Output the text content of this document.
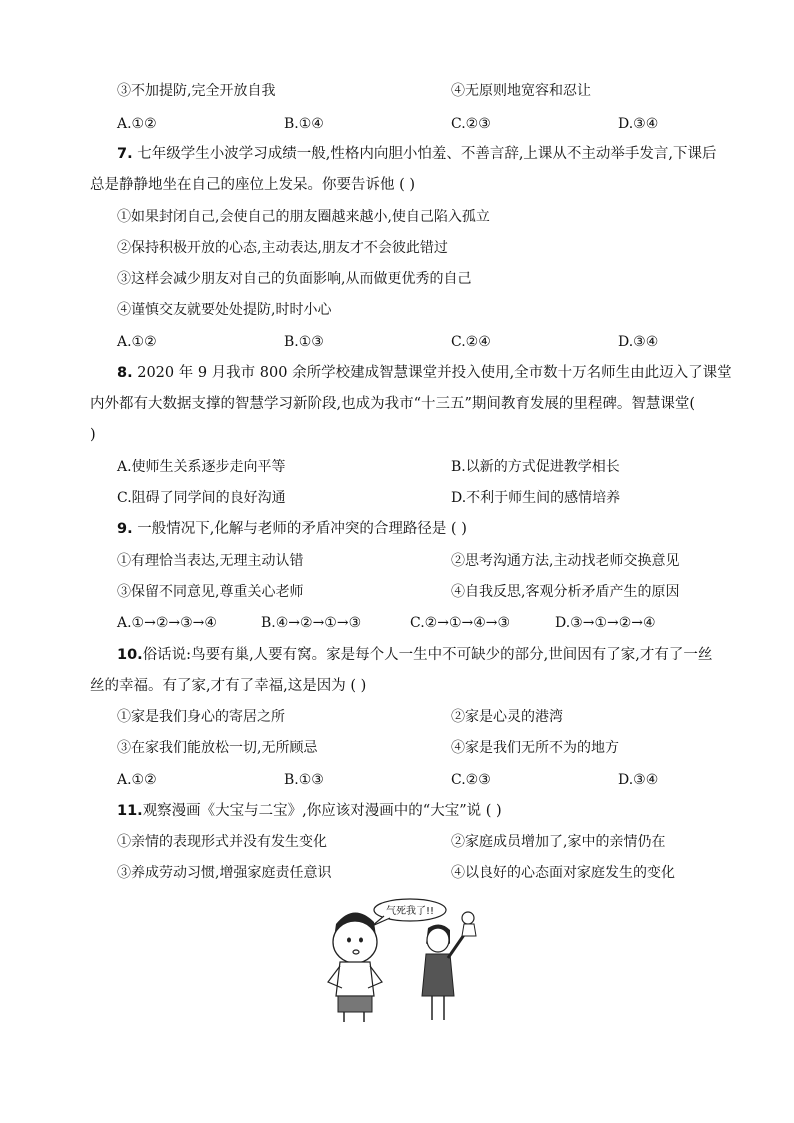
③不加提防,完全开放自我	④无原则地宽容和忍让
A.①②	B.①④	C.②③	D.③④
7. 七年级学生小波学习成绩一般,性格内向胆小怕羞、不善言辞,上课从不主动举手发言,下课后
总是静静地坐在自己的座位上发呆。你要告诉他 ( )
①如果封闭自己,会使自己的朋友圈越来越小,使自己陷入孤立
②保持积极开放的心态,主动表达,朋友才不会彼此错过
③这样会减少朋友对自己的负面影响,从而做更优秀的自己
④谨慎交友就要处处提防,时时小心
A.①②	B.①③	C.②④	D.③④
8. 2020 年 9 月我市 800 余所学校建成智慧课堂并投入使用,全市数十万名师生由此迈入了课堂
内外都有大数据支撑的智慧学习新阶段,也成为我市“十三五”期间教育发展的里程碑。智慧课堂(
)
A.使师生关系逐步走向平等	B.以新的方式促进教学相长
C.阻碍了同学间的良好沟通	D.不利于师生间的感情培养
9. 一般情况下,化解与老师的矛盾冲突的合理路径是 ( )
①有理恰当表达,无理主动认错	②思考沟通方法,主动找老师交换意见
③保留不同意见,尊重关心老师	④自我反思,客观分析矛盾产生的原因
A.①→②→③→④	B.④→②→①→③	C.②→①→④→③	D.③→①→②→④
10.俗话说:鸟要有巢,人要有窝。家是每个人一生中不可缺少的部分,世间因有了家,才有了一丝
丝的幸福。有了家,才有了幸福,这是因为 ( )
①家是我们身心的寄居之所	②家是心灵的港湾
③在家我们能放松一切,无所顾忌	④家是我们无所不为的地方
A.①②	B.①③	C.②③	D.③④
11.观察漫画《大宝与二宝》,你应该对漫画中的“大宝”说 ( )
①亲情的表现形式并没有发生变化	②家庭成员增加了,家中的亲情仍在
③养成劳动习惯,增强家庭责任意识	④以良好的心态面对家庭发生的变化
气死我了!!
